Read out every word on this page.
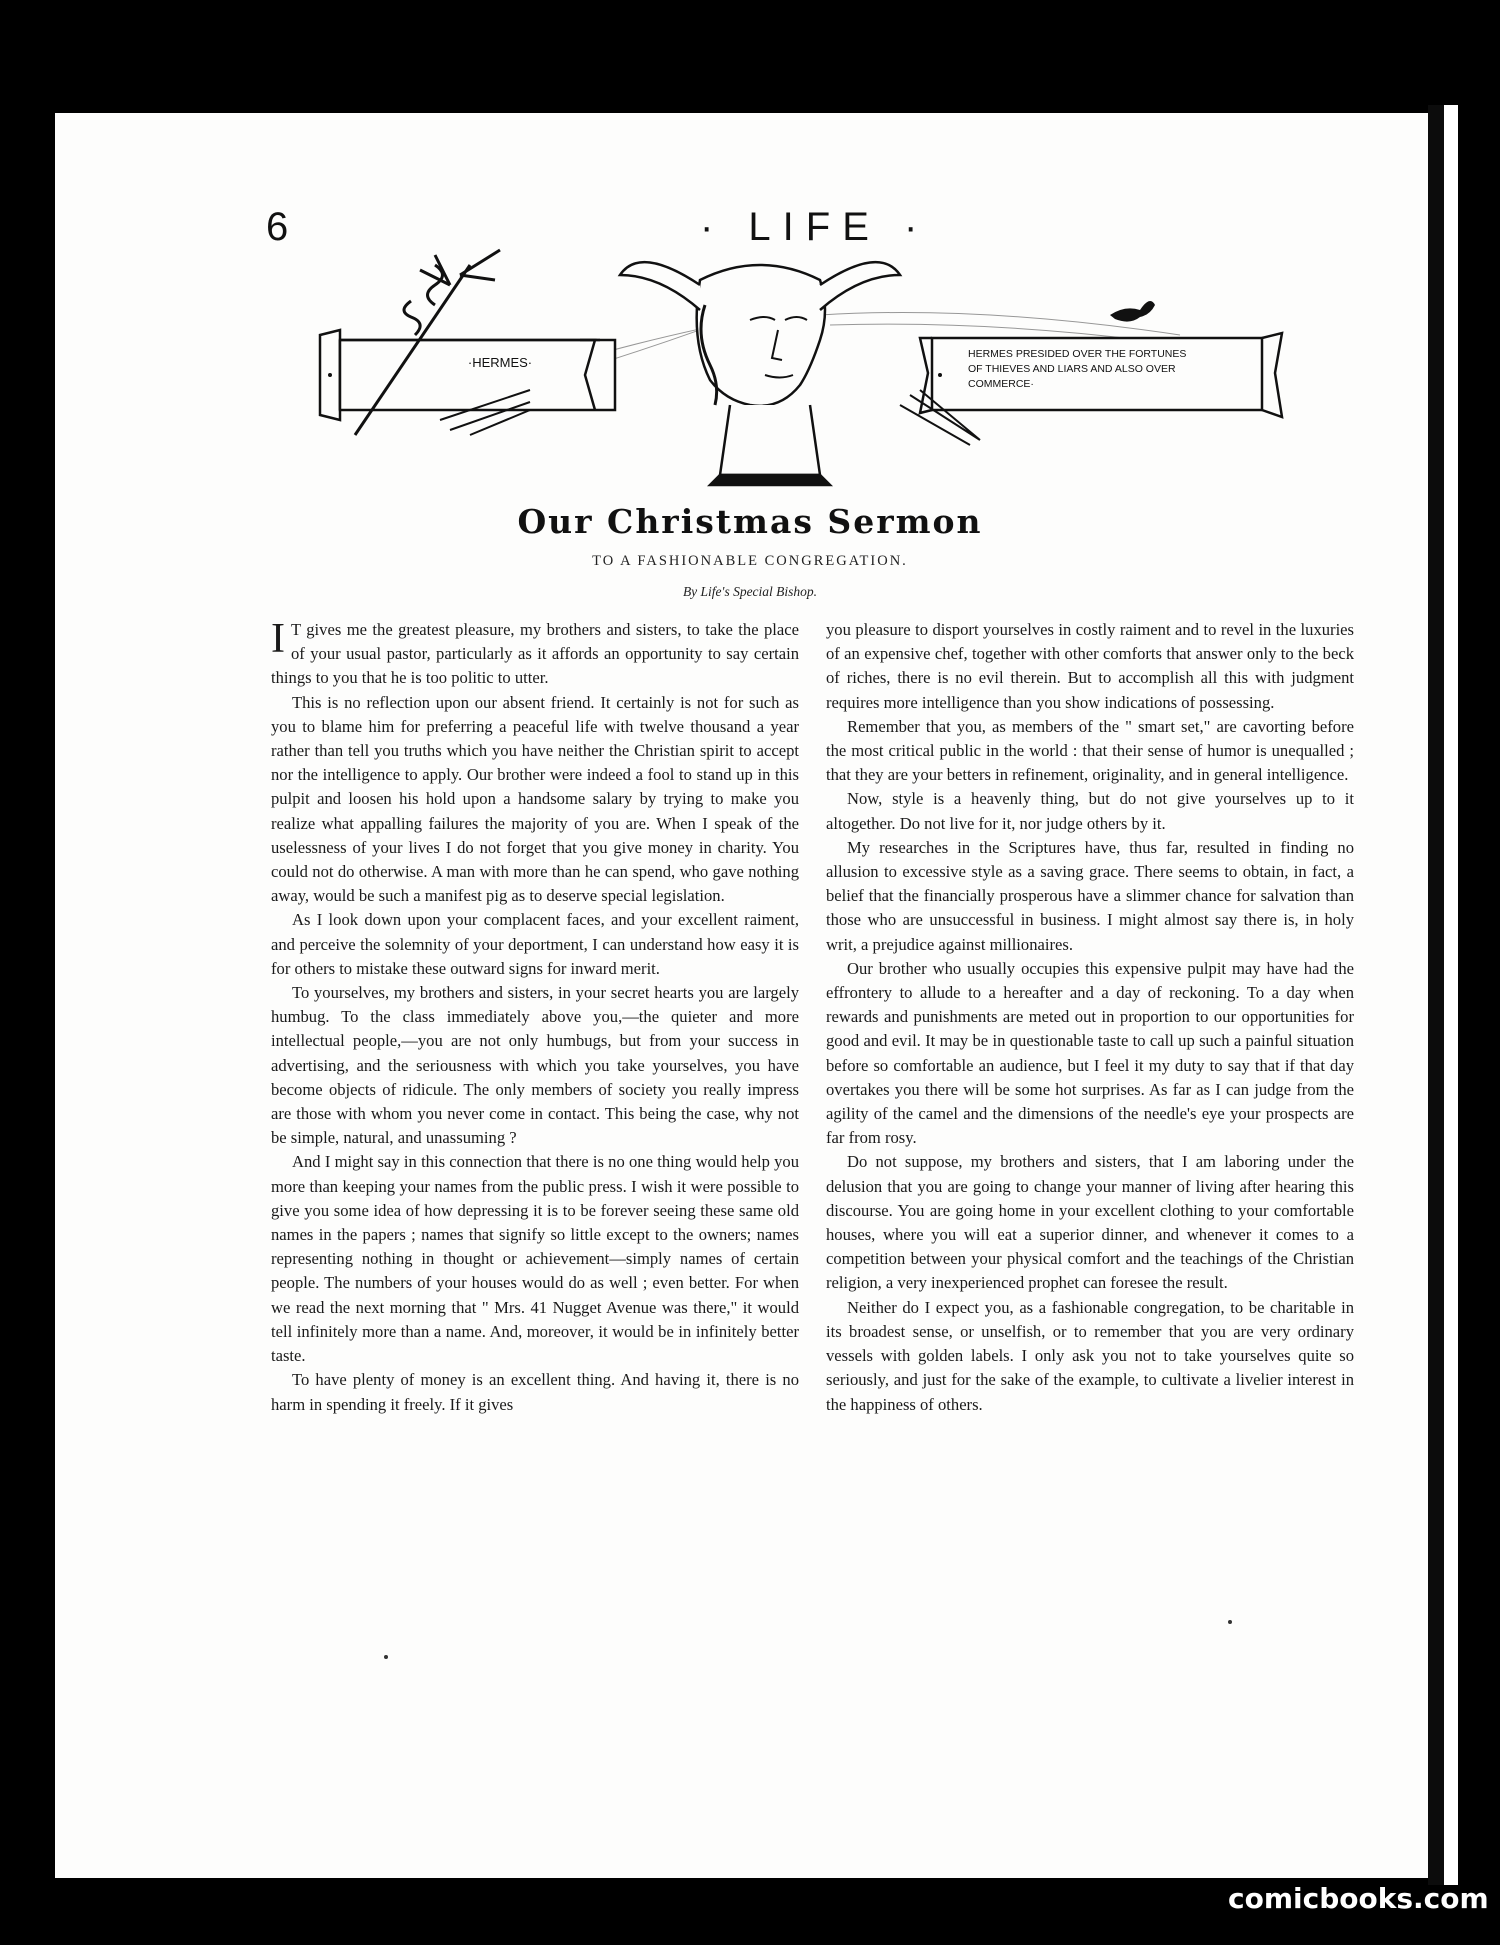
6	· LIFE ·
·HERMES·
HERMES PRESIDED OVER THE FORTUNES OF THIEVES AND LIARS AND ALSO OVER COMMERCE·
Our Christmas Sermon
TO A FASHIONABLE CONGREGATION.
By Life's Special Bishop.

I T gives me the greatest pleasure, my brothers and sisters, to take the place of your usual pastor, particularly as it affords an opportunity to say certain things to you that he is too politic to utter.

This is no reflection upon our absent friend. It certainly is not for such as you to blame him for preferring a peaceful life with twelve thousand a year rather than tell you truths which you have neither the Christian spirit to accept nor the intelligence to apply. Our brother were indeed a fool to stand up in this pulpit and loosen his hold upon a handsome salary by trying to make you realize what appalling failures the majority of you are. When I speak of the uselessness of your lives I do not forget that you give money in charity. You could not do otherwise. A man with more than he can spend, who gave nothing away, would be such a manifest pig as to deserve special legislation.

As I look down upon your complacent faces, and your excellent raiment, and perceive the solemnity of your deportment, I can understand how easy it is for others to mistake these outward signs for inward merit.

To yourselves, my brothers and sisters, in your secret hearts you are largely humbug. To the class immediately above you,—the quieter and more intellectual people,—you are not only humbugs, but from your success in advertising, and the seriousness with which you take yourselves, you have become objects of ridicule. The only members of society you really impress are those with whom you never come in contact. This being the case, why not be simple, natural, and unassuming ?

And I might say in this connection that there is no one thing would help you more than keeping your names from the public press. I wish it were possible to give you some idea of how depressing it is to be forever seeing these same old names in the papers ; names that signify so little except to the owners; names representing nothing in thought or achievement—simply names of certain people. The numbers of your houses would do as well ; even better. For when we read the next morning that " Mrs. 41 Nugget Avenue was there," it would tell infinitely more than a name. And, moreover, it would be in infinitely better taste.

To have plenty of money is an excellent thing. And having it, there is no harm in spending it freely. If it gives

you pleasure to disport yourselves in costly raiment and to revel in the luxuries of an expensive chef, together with other comforts that answer only to the beck of riches, there is no evil therein. But to accomplish all this with judgment requires more intelligence than you show indications of possessing.

Remember that you, as members of the " smart set," are cavorting before the most critical public in the world : that their sense of humor is unequalled ; that they are your betters in refinement, originality, and in general intelligence.

Now, style is a heavenly thing, but do not give yourselves up to it altogether. Do not live for it, nor judge others by it.

My researches in the Scriptures have, thus far, resulted in finding no allusion to excessive style as a saving grace. There seems to obtain, in fact, a belief that the financially prosperous have a slimmer chance for salvation than those who are unsuccessful in business. I might almost say there is, in holy writ, a prejudice against millionaires.

Our brother who usually occupies this expensive pulpit may have had the effrontery to allude to a hereafter and a day of reckoning. To a day when rewards and punishments are meted out in proportion to our opportunities for good and evil. It may be in questionable taste to call up such a painful situation before so comfortable an audience, but I feel it my duty to say that if that day overtakes you there will be some hot surprises. As far as I can judge from the agility of the camel and the dimensions of the needle's eye your prospects are far from rosy.

Do not suppose, my brothers and sisters, that I am laboring under the delusion that you are going to change your manner of living after hearing this discourse. You are going home in your excellent clothing to your comfortable houses, where you will eat a superior dinner, and whenever it comes to a competition between your physical comfort and the teachings of the Christian religion, a very inexperienced prophet can foresee the result.

Neither do I expect you, as a fashionable congregation, to be charitable in its broadest sense, or unselfish, or to remember that you are very ordinary vessels with golden labels. I only ask you not to take yourselves quite so seriously, and just for the sake of the example, to cultivate a livelier interest in the happiness of others.

comicbooks.com
